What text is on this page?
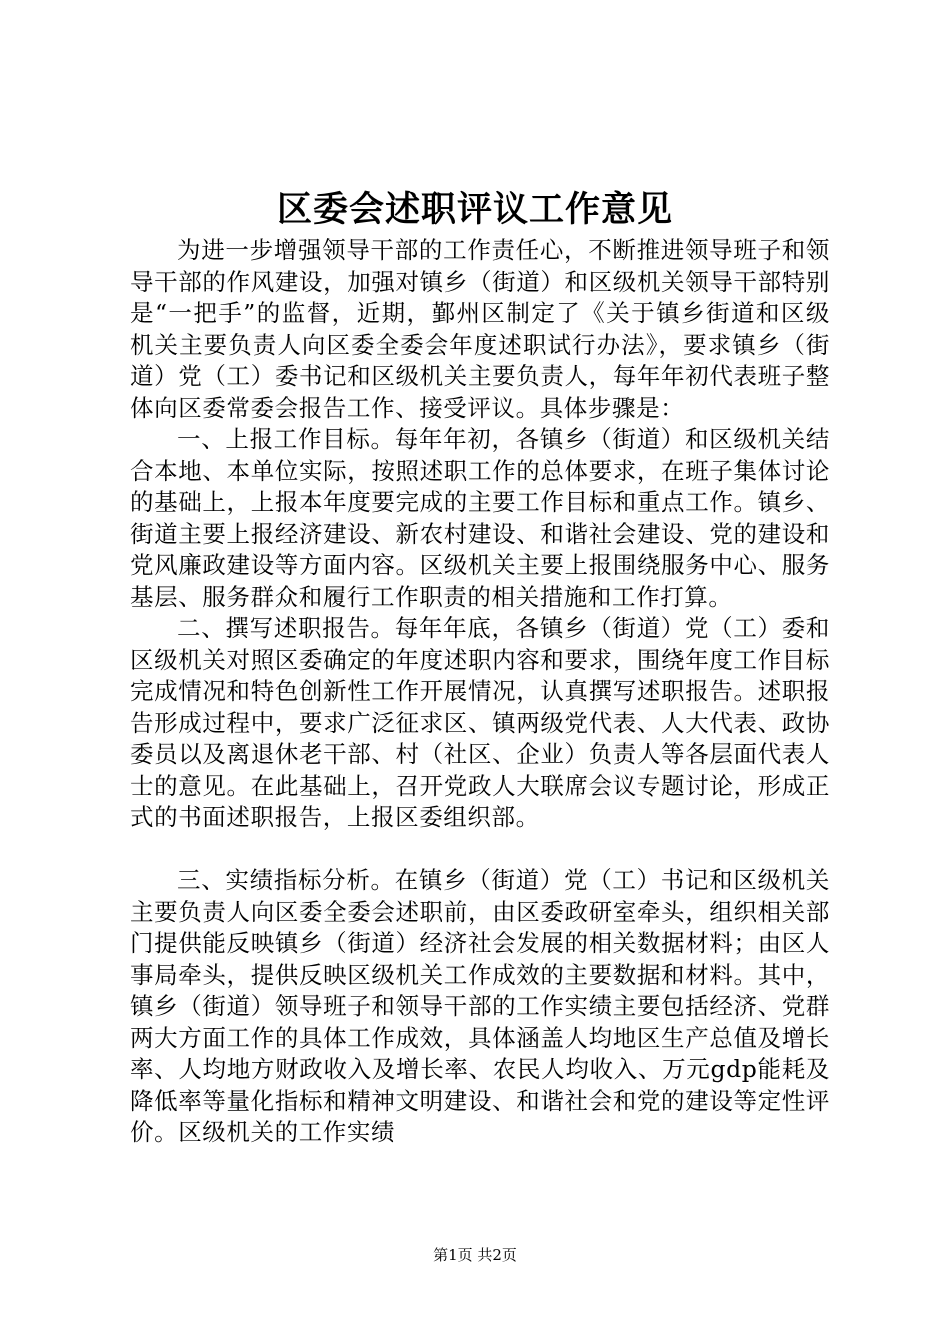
区委会述职评议工作意见

为进一步增强领导干部的工作责任心，不断推进领导班子和领导干部的作风建设，加强对镇乡（街道）和区级机关领导干部特别是“一把手”的监督，近期，鄞州区制定了《关于镇乡街道和区级机关主要负责人向区委全委会年度述职试行办法》，要求镇乡（街道）党（工）委书记和区级机关主要负责人，每年年初代表班子整体向区委常委会报告工作、接受评议。具体步骤是：

一、上报工作目标。每年年初，各镇乡（街道）和区级机关结合本地、本单位实际，按照述职工作的总体要求，在班子集体讨论的基础上，上报本年度要完成的主要工作目标和重点工作。镇乡、街道主要上报经济建设、新农村建设、和谐社会建设、党的建设和党风廉政建设等方面内容。区级机关主要上报围绕服务中心、服务基层、服务群众和履行工作职责的相关措施和工作打算。

二、撰写述职报告。每年年底，各镇乡（街道）党（工）委和区级机关对照区委确定的年度述职内容和要求，围绕年度工作目标完成情况和特色创新性工作开展情况，认真撰写述职报告。述职报告形成过程中，要求广泛征求区、镇两级党代表、人大代表、政协委员以及离退休老干部、村（社区、企业）负责人等各层面代表人士的意见。在此基础上，召开党政人大联席会议专题讨论，形成正式的书面述职报告，上报区委组织部。

三、实绩指标分析。在镇乡（街道）党（工）书记和区级机关主要负责人向区委全委会述职前，由区委政研室牵头，组织相关部门提供能反映镇乡（街道）经济社会发展的相关数据材料；由区人事局牵头，提供反映区级机关工作成效的主要数据和材料。其中，镇乡（街道）领导班子和领导干部的工作实绩主要包括经济、党群两大方面工作的具体工作成效，具体涵盖人均地区生产总值及增长率、人均地方财政收入及增长率、农民人均收入、万元gdp能耗及降低率等量化指标和精神文明建设、和谐社会和党的建设等定性评价。区级机关的工作实绩

第1页 共2页
